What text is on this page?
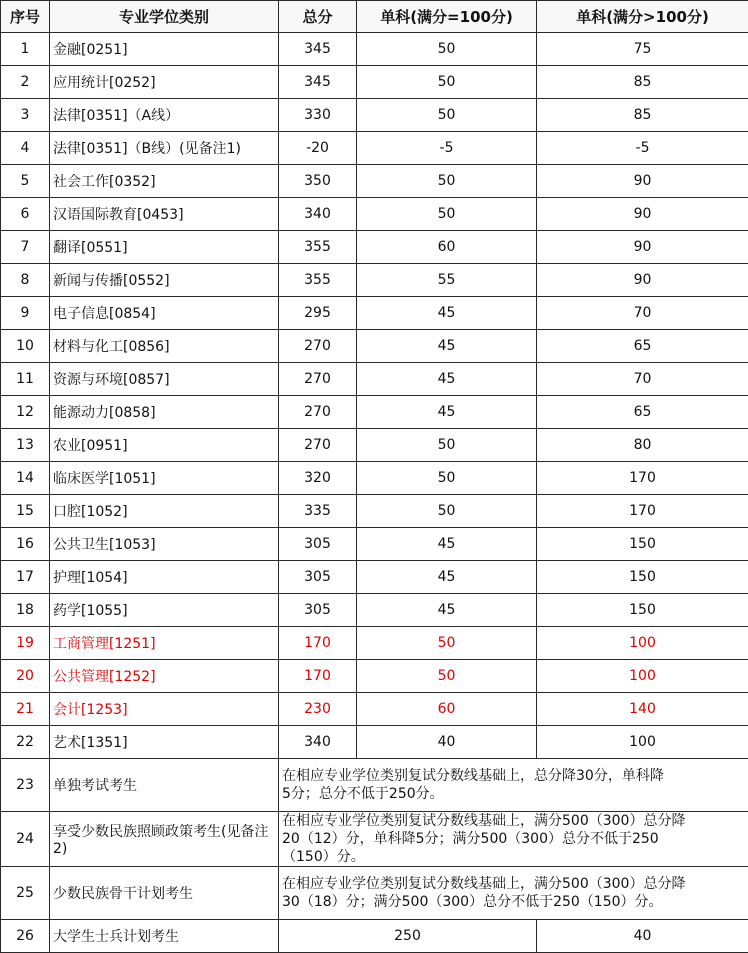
序号	专业学位类别	总分	单科(满分=100分)	单科(满分>100分)	
1	金融[0251]	345	50	75	
2	应用统计[0252]	345	50	85	
3	法律[0351]（A线）	330	50	85	
4	法律[0351]（B线）(见备注1)	-20	-5	-5	
5	社会工作[0352]	350	50	90	
6	汉语国际教育[0453]	340	50	90	
7	翻译[0551]	355	60	90	
8	新闻与传播[0552]	355	55	90	
9	电子信息[0854]	295	45	70	
10	材料与化工[0856]	270	45	65	
11	资源与环境[0857]	270	45	70	
12	能源动力[0858]	270	45	65	
13	农业[0951]	270	50	80	
14	临床医学[1051]	320	50	170	
15	口腔[1052]	335	50	170	
16	公共卫生[1053]	305	45	150	
17	护理[1054]	305	45	150	
18	药学[1055]	305	45	150	
19	工商管理[1251]	170	50	100	
20	公共管理[1252]	170	50	100	
21	会计[1253]	230	60	140	
22	艺术[1351]	340	40	100	
23	单独考试考生	在相应专业学位类别复试分数线基础上，总分降30分，单科降
5分；总分不低于250分。			

24	享受少数民族照顾政策考生(见备注2)	在相应专业学位类别复试分数线基础上，满分500（300）总分降
20（12）分，单科降5分；满分500（300）总分不低于250
（150）分。			

25	少数民族骨干计划考生	在相应专业学位类别复试分数线基础上，满分500（300）总分降
30（18）分；满分500（300）总分不低于250（150）分。			

26	大学生士兵计划考生	250		40	
